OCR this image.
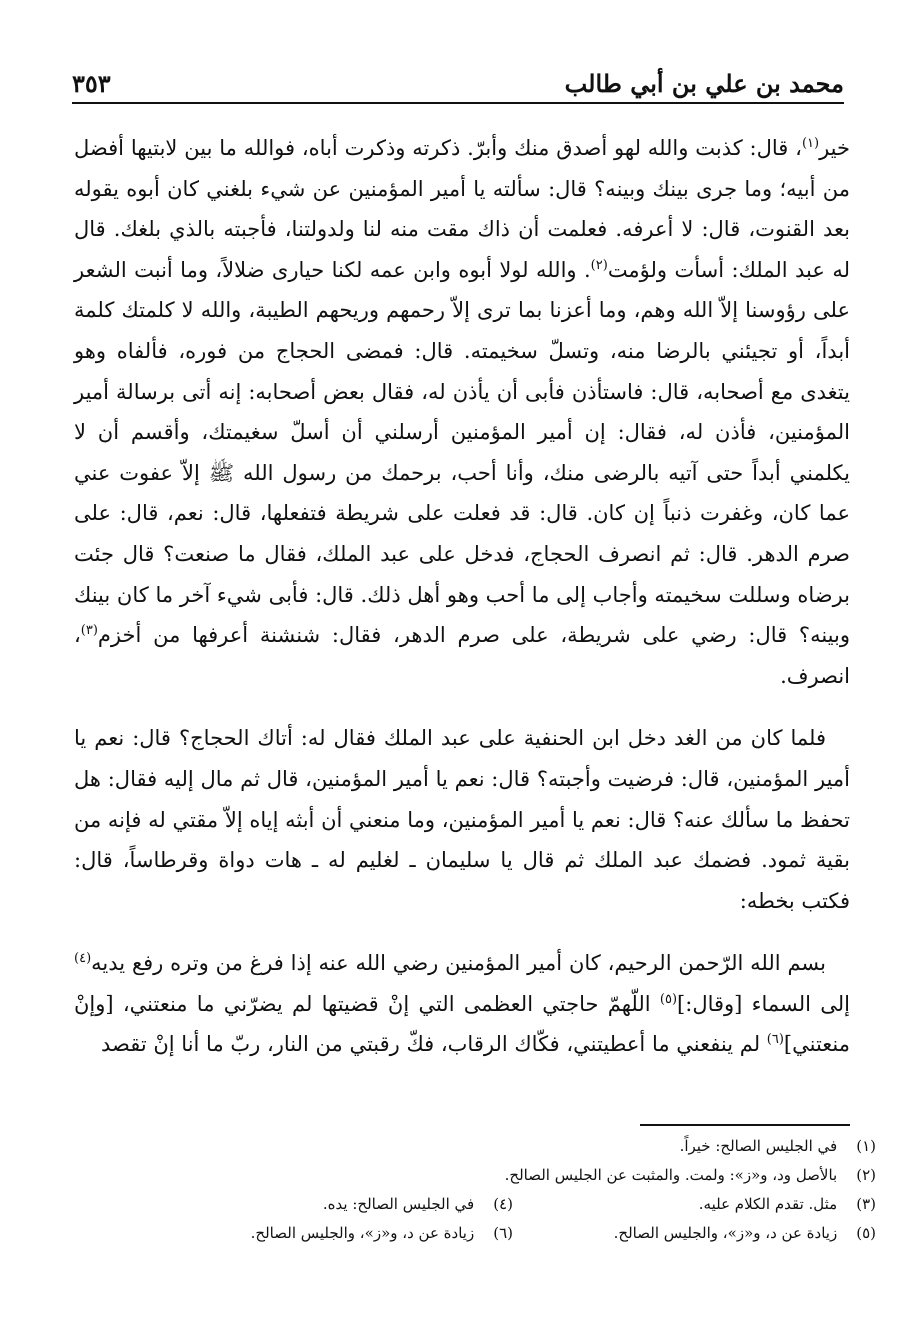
محمد بن علي بن أبي طالب
٣٥٣

خير$^{(١)}$، قال: كذبت والله لهو أصدق منك وأبرّ. ذكرته وذكرت أباه، فوالله ما بين لابتيها أفضل من أبيه؛ وما جرى بينك وبينه؟ قال: سألته يا أمير المؤمنين عن شيء بلغني كان أبوه يقوله بعد القنوت، قال: لا أعرفه. فعلمت أن ذاك مقت منه لنا ولدولتنا، فأجبته بالذي بلغك. قال له عبد الملك: أسأت ولؤمت$^{(٢)}$. والله لولا أبوه وابن عمه لكنا حيارى ضلالاً، وما أنبت الشعر على رؤوسنا إلاّ الله وهم، وما أعزنا بما ترى إلاّ رحمهم وريحهم الطيبة، والله لا كلمتك كلمة أبداً، أو تجيئني بالرضا منه، وتسلّ سخيمته. قال: فمضى الحجاج من فوره، فألفاه وهو يتغدى مع أصحابه، قال: فاستأذن فأبى أن يأذن له، فقال بعض أصحابه: إنه أتى برسالة أمير المؤمنين، فأذن له، فقال: إن أمير المؤمنين أرسلني أن أسلّ سغيمتك، وأقسم أن لا يكلمني أبداً حتى آتيه بالرضى منك، وأنا أحب، برحمك من رسول الله ﷺ إلاّ عفوت عني عما كان، وغفرت ذنباً إن كان. قال: قد فعلت على شريطة فتفعلها، قال: نعم، قال: على صرم الدهر. قال: ثم انصرف الحجاج، فدخل على عبد الملك، فقال ما صنعت؟ قال جئت برضاه وسللت سخيمته وأجاب إلى ما أحب وهو أهل ذلك. قال: فأبى شيء آخر ما كان بينك وبينه؟ قال: رضي على شريطة، على صرم الدهر، فقال: شنشنة أعرفها من أخزم$^{(٣)}$، انصرف.

فلما كان من الغد دخل ابن الحنفية على عبد الملك فقال له: أتاك الحجاج؟ قال: نعم يا أمير المؤمنين، قال: فرضيت وأجبته؟ قال: نعم يا أمير المؤمنين، قال ثم مال إليه فقال: هل تحفظ ما سألك عنه؟ قال: نعم يا أمير المؤمنين، وما منعني أن أبثه إياه إلاّ مقتي له فإنه من بقية ثمود. فضمك عبد الملك ثم قال يا سليمان ـ لغليم له ـ هات دواة وقرطاساً، قال: فكتب بخطه:

بسم الله الرّحمن الرحيم، كان أمير المؤمنين رضي الله عنه إذا فرغ من وتره رفع يديه$^{(٤)}$ إلى السماء [وقال:]$^{(٥)}$ اللّهمّ حاجتي العظمى التي إنْ قضيتها لم يضرّني ما منعتني، [وإنْ منعتني]$^{(٦)}$ لم ينفعني ما أعطيتني، فكّاك الرقاب، فكّ رقبتي من النار، ربّ ما أنا إنْ تقصد

(١) في الجليس الصالح: خيراً.
(٢) بالأصل ود، و«ز»: ولمت. والمثبت عن الجليس الصالح.
(٣) مثل. تقدم الكلام عليه.
(٤) في الجليس الصالح: يده.
(٥) زيادة عن د، و«ز»، والجليس الصالح.
(٦) زيادة عن د، و«ز»، والجليس الصالح.
